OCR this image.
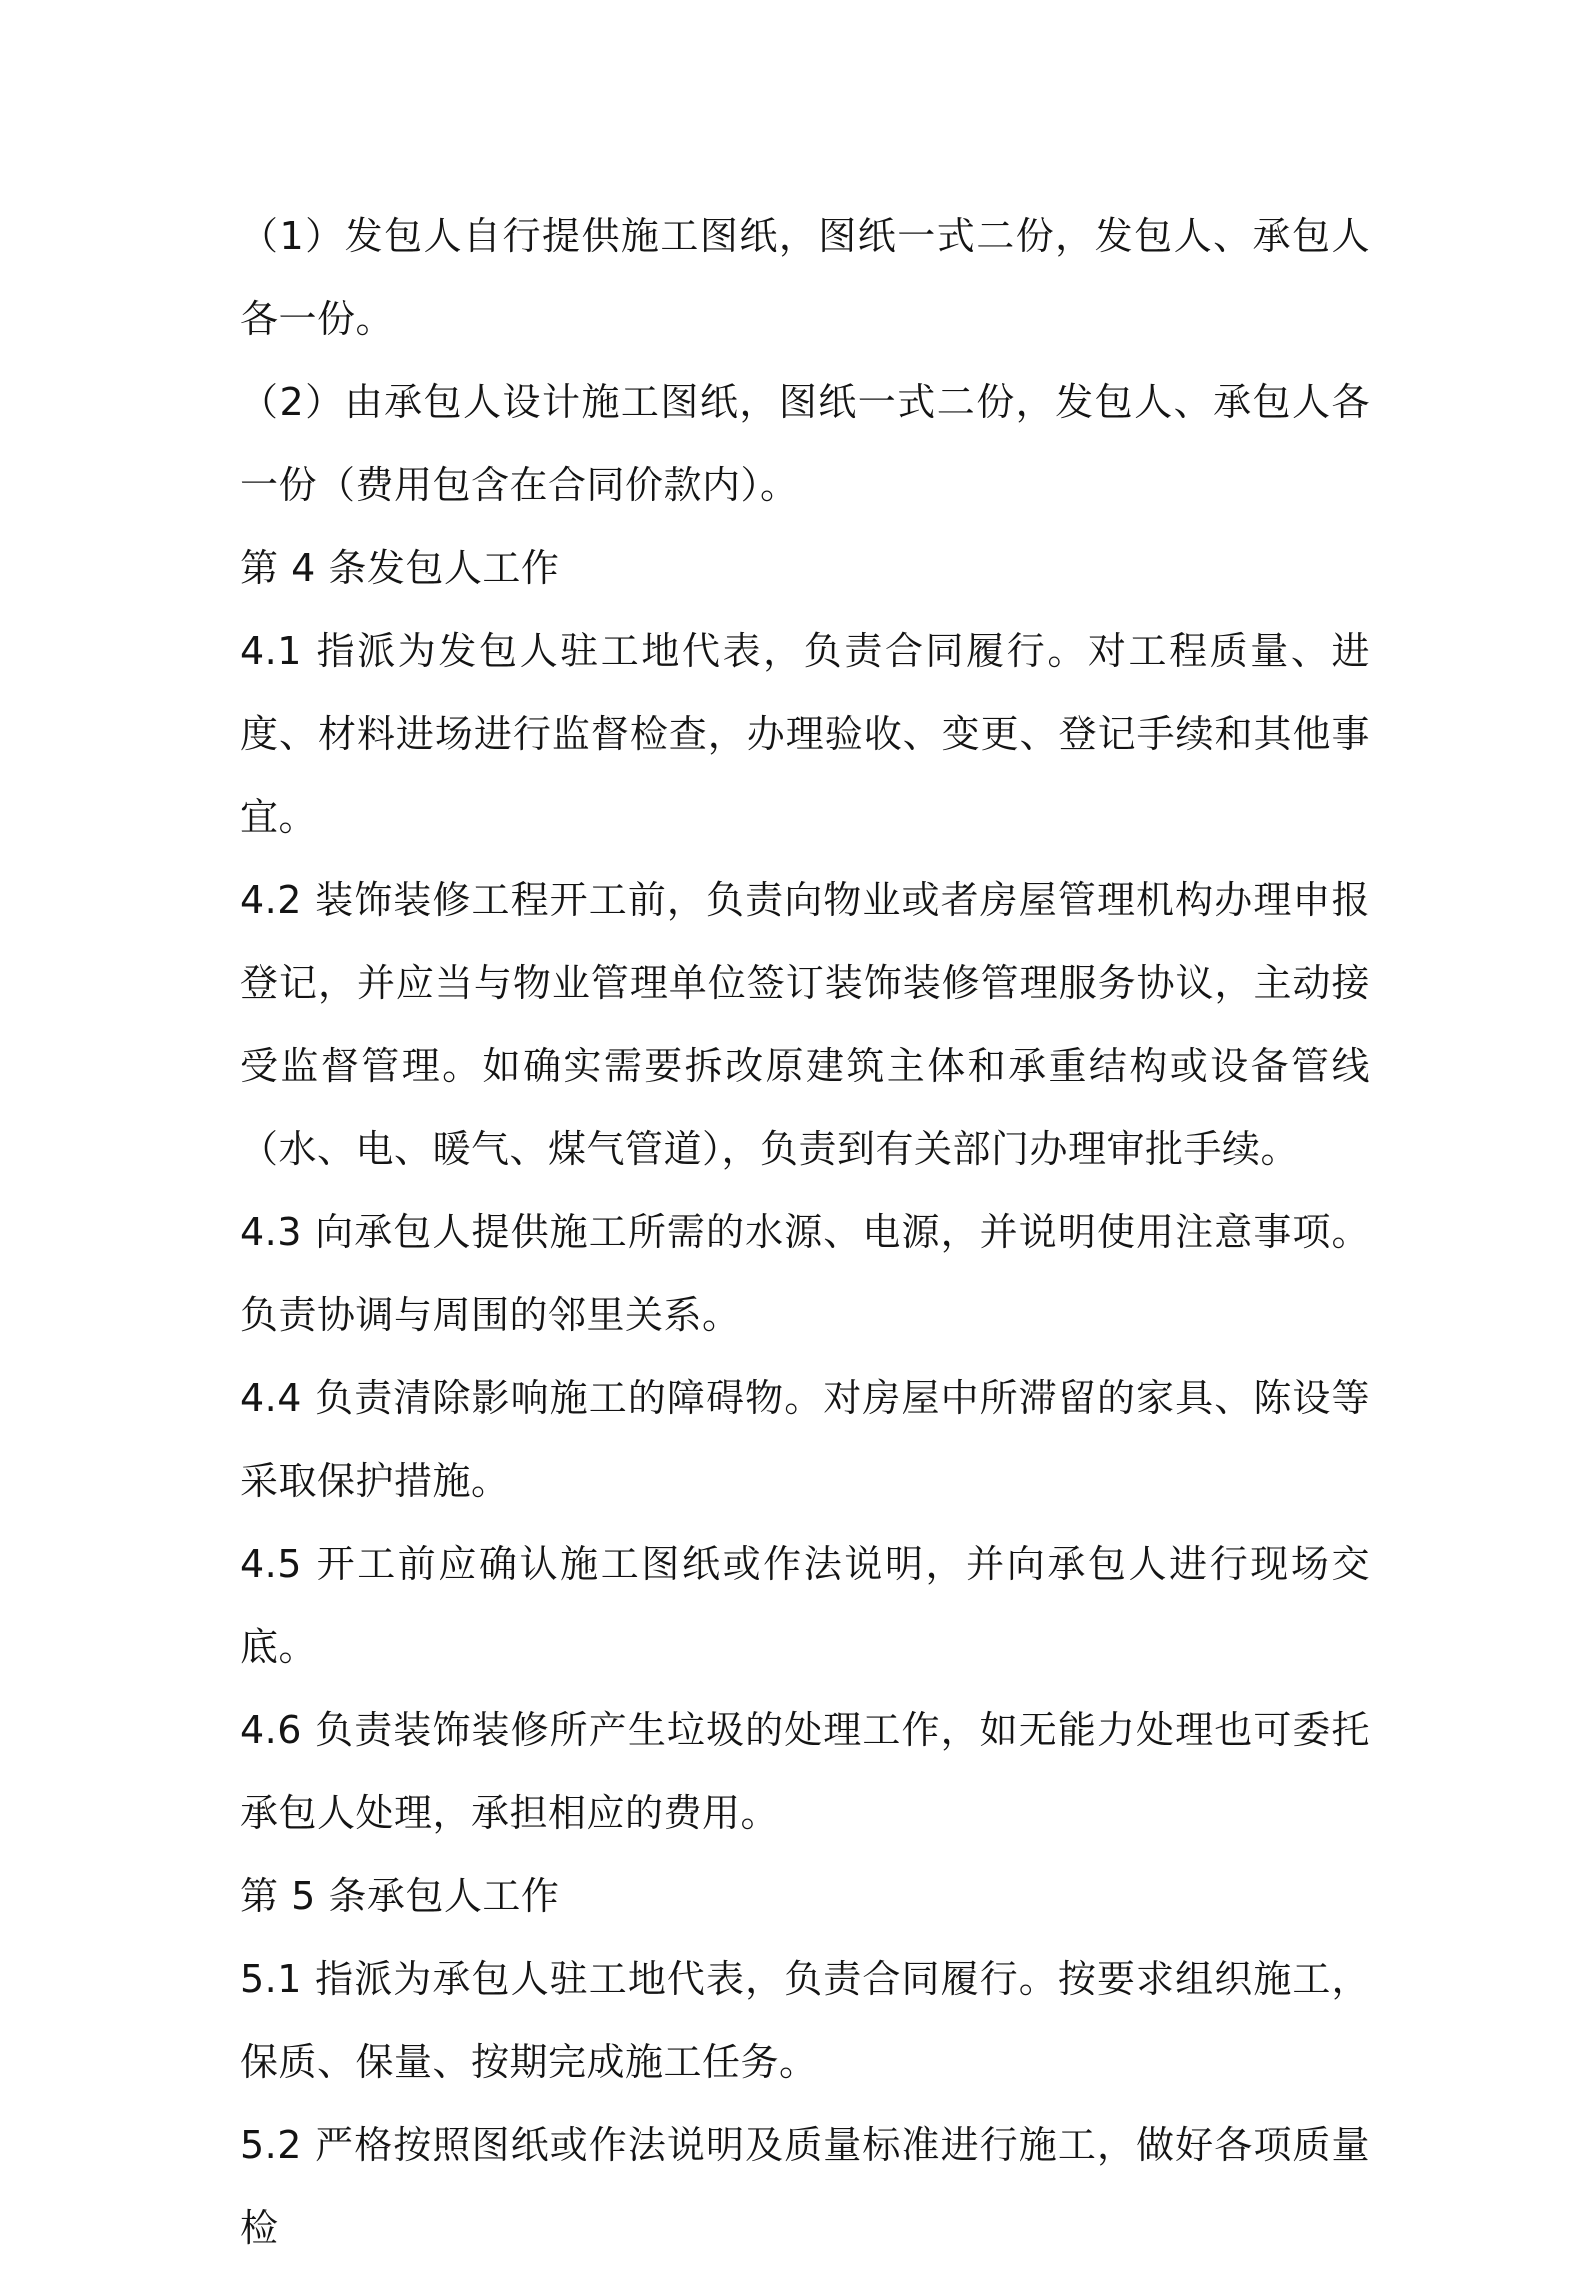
（1）发包人自行提供施工图纸，图纸一式二份，发包人、承包人各一份。

（2）由承包人设计施工图纸，图纸一式二份，发包人、承包人各一份（费用包含在合同价款内）。

第 4 条发包人工作

4.1 指派为发包人驻工地代表，负责合同履行。对工程质量、进度、材料进场进行监督检查，办理验收、变更、登记手续和其他事宜。

4.2 装饰装修工程开工前，负责向物业或者房屋管理机构办理申报登记，并应当与物业管理单位签订装饰装修管理服务协议，主动接受监督管理。如确实需要拆改原建筑主体和承重结构或设备管线（水、电、暖气、煤气管道），负责到有关部门办理审批手续。

4.3 向承包人提供施工所需的水源、电源，并说明使用注意事项。负责协调与周围的邻里关系。

4.4 负责清除影响施工的障碍物。对房屋中所滞留的家具、陈设等采取保护措施。

4.5 开工前应确认施工图纸或作法说明，并向承包人进行现场交底。

4.6 负责装饰装修所产生垃圾的处理工作，如无能力处理也可委托承包人处理，承担相应的费用。

第 5 条承包人工作

5.1 指派为承包人驻工地代表，负责合同履行。按要求组织施工，保质、保量、按期完成施工任务。

5.2 严格按照图纸或作法说明及质量标准进行施工，做好各项质量检
